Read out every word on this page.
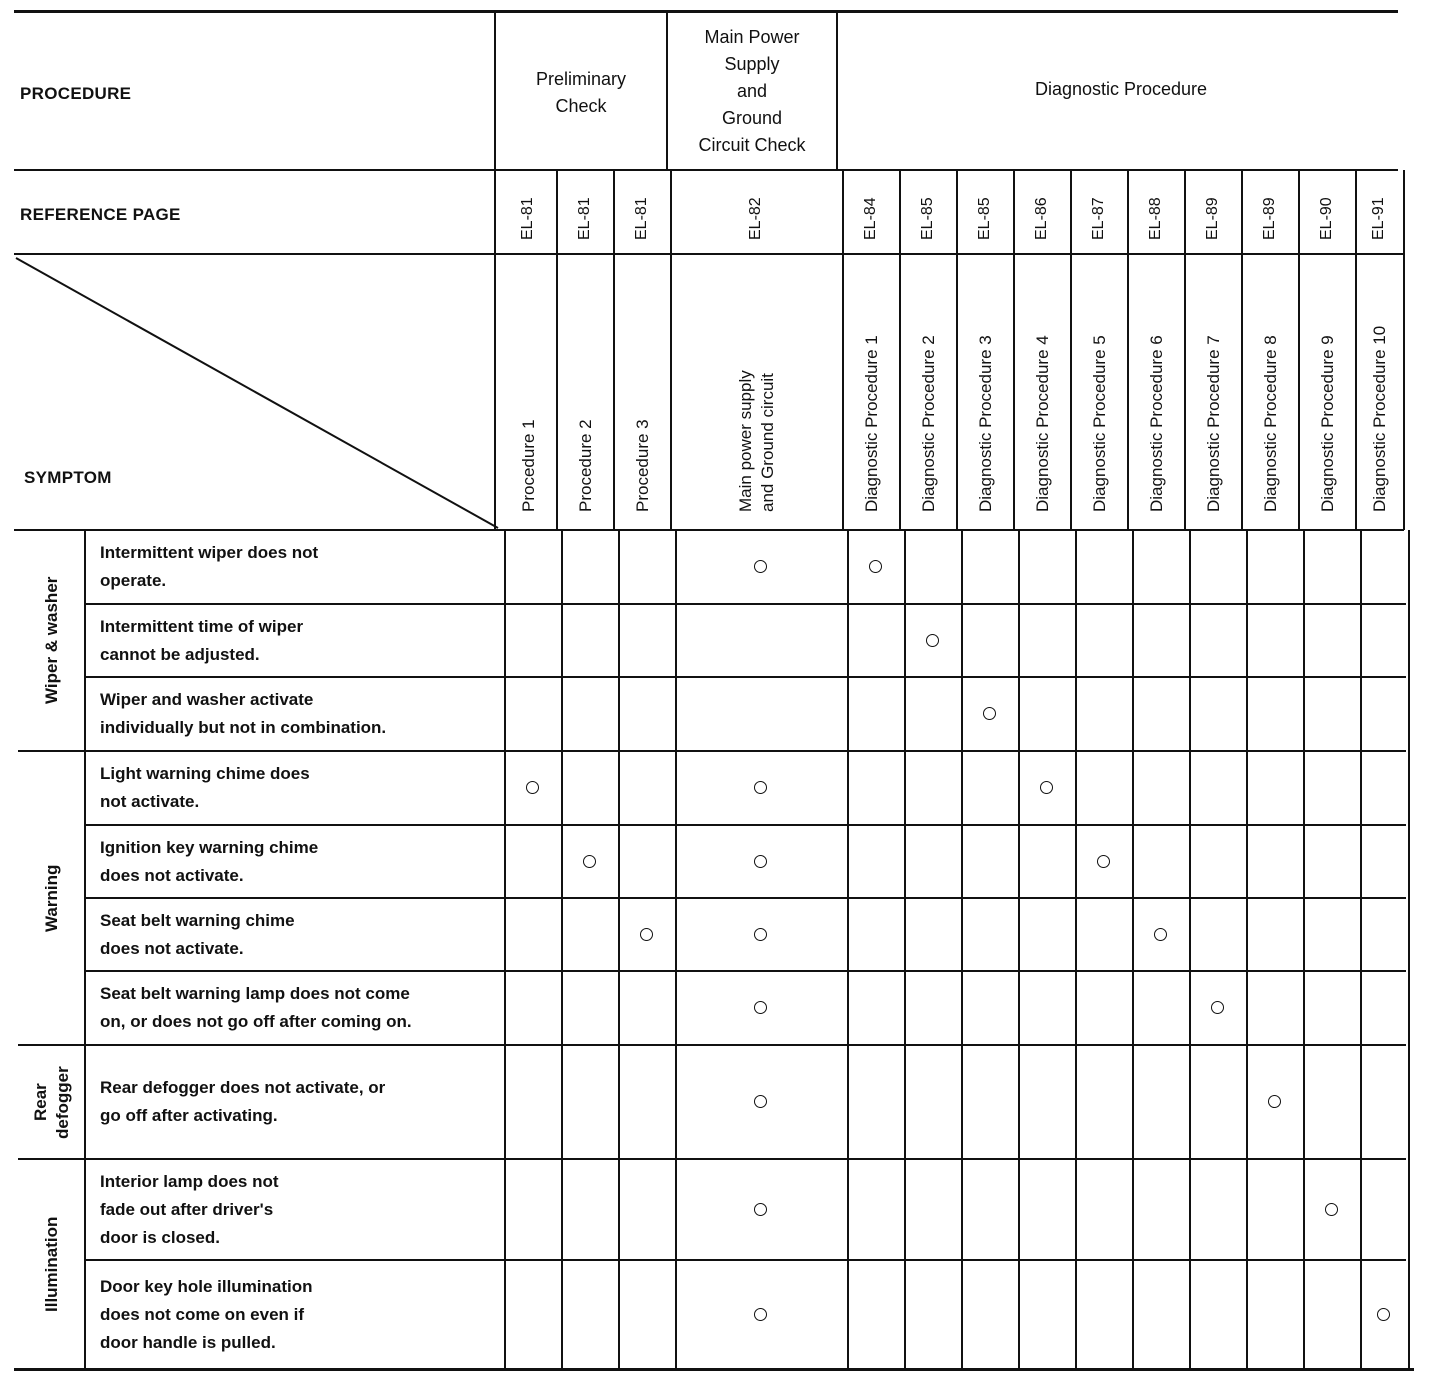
PROCEDURE
REFERENCE PAGE
SYMPTOM
Preliminary
Check
Main Power
Supply
and
Ground
Circuit Check
Diagnostic Procedure
EL-81
Procedure 1
EL-81
Procedure 2
EL-81
Procedure 3
EL-82
Main power supply and Ground circuit
EL-84
Diagnostic Procedure 1
EL-85
Diagnostic Procedure 2
EL-85
Diagnostic Procedure 3
EL-86
Diagnostic Procedure 4
EL-87
Diagnostic Procedure 5
EL-88
Diagnostic Procedure 6
EL-89
Diagnostic Procedure 7
EL-89
Diagnostic Procedure 8
EL-90
Diagnostic Procedure 9
EL-91
Diagnostic Procedure 10
Wiper & washer
Warning
Rear defogger
Illumination
Intermittent wiper does not
operate.
Intermittent time of wiper
cannot be adjusted.
Wiper and washer activate
individually but not in combination.
Light warning chime does
not activate.
Ignition key warning chime
does not activate.
Seat belt warning chime
does not activate.
Seat belt warning lamp does not come
on, or does not go off after coming on.
Rear defogger does not activate, or
go off after activating.
Interior lamp does not
fade out after driver's
door is closed.
Door key hole illumination
does not come on even if
door handle is pulled.
